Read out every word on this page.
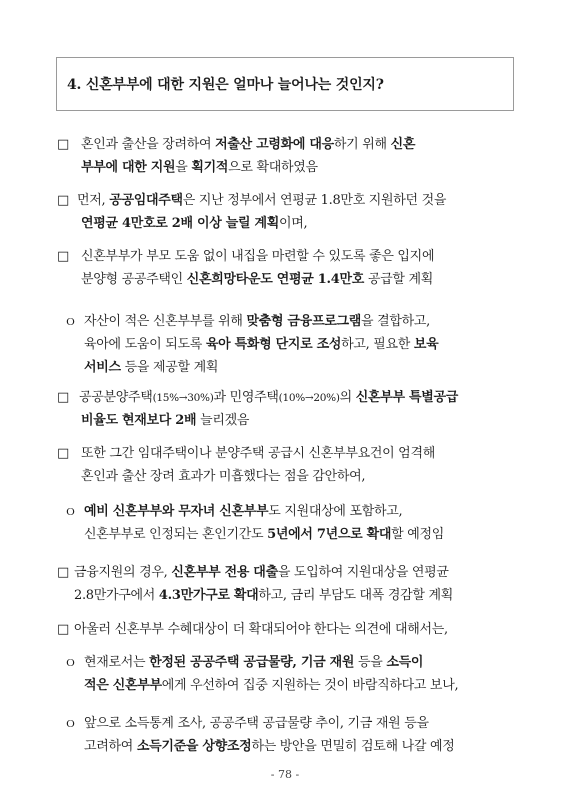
4. 신혼부부에 대한 지원은 얼마나 늘어나는 것인지?
□ 혼인과 출산을 장려하여 저출산 고령화에 대응하기 위해 신혼
부부에 대한 지원을 획기적으로 확대하였음
□ 먼저, 공공임대주택은 지난 정부에서 연평균 1.8만호 지원하던 것을
연평균 4만호로 2배 이상 늘릴 계획이며,
□ 신혼부부가 부모 도움 없이 내집을 마련할 수 있도록 좋은 입지에
분양형 공공주택인 신혼희망타운도 연평균 1.4만호 공급할 계획
ｏ 자산이 적은 신혼부부를 위해 맞춤형 금융프로그램을 결합하고,
육아에 도움이 되도록 육아 특화형 단지로 조성하고, 필요한 보육
서비스 등을 제공할 계획
□ 공공분양주택(15%→30%)과 민영주택(10%→20%)의 신혼부부 특별공급
비율도 현재보다 2배 늘리겠음
□ 또한 그간 임대주택이나 분양주택 공급시 신혼부부요건이 엄격해
혼인과 출산 장려 효과가 미흡했다는 점을 감안하여,
ｏ 예비 신혼부부와 무자녀 신혼부부도 지원대상에 포함하고,
신혼부부로 인정되는 혼인기간도 5년에서 7년으로 확대할 예정임
□ 금융지원의 경우, 신혼부부 전용 대출을 도입하여 지원대상을 연평균
2.8만가구에서 4.3만가구로 확대하고, 금리 부담도 대폭 경감할 계획
□ 아울러 신혼부부 수혜대상이 더 확대되어야 한다는 의견에 대해서는,
ｏ 현재로서는 한정된 공공주택 공급물량, 기금 재원 등을 소득이
적은 신혼부부에게 우선하여 집중 지원하는 것이 바람직하다고 보나,
ｏ 앞으로 소득통계 조사, 공공주택 공급물량 추이, 기금 재원 등을
고려하여 소득기준을 상향조정하는 방안을 면밀히 검토해 나갈 예정
- 78 -
